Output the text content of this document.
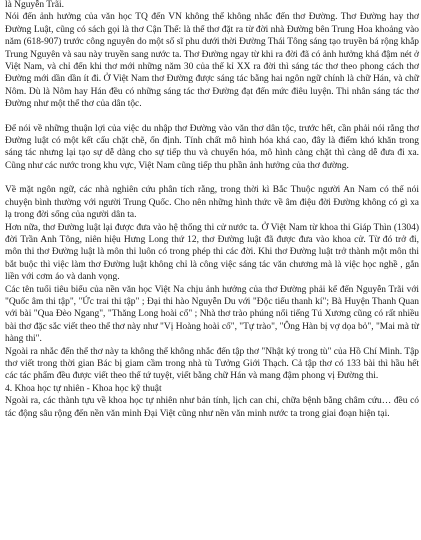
là Nguyễn Trãi.

Nói đến ảnh hưởng của văn học TQ đến VN không thể không nhắc đến thơ Đường. Thơ Đường hay thơ Đường Luật, cũng có sách gọi là thơ Cận Thể: là thể thơ đặt ra từ đời nhà Đường bên Trung Hoa khoảng vào năm (618-907) trước công nguyên do một số sĩ phu dưới thời Đường Thái Tông sáng tạo truyền bá rộng khắp Trung Nguyên và sau này truyền sang nước ta. Thơ Đường ngay từ khi ra đời đã có ảnh hưởng khá đậm nét ở Việt Nam, và chỉ đến khi thơ mới những năm 30 của thế kỉ XX ra đời thì sáng tác thơ theo phong cách thơ Đường mới dần dần ít đi. Ở Việt Nam thơ Đường được sáng tác bằng hai ngôn ngữ chính là chữ Hán, và chữ Nôm. Dù là Nôm hay Hán đều có những sáng tác thơ Đường đạt đến mức điêu luyện. Thi nhân sáng tác thơ Đường như một thể thơ của dân tộc.

Để nói về những thuận lợi của việc du nhập thơ Đường vào văn thơ dân tộc, trước hết, cần phải nói rằng thơ Đường luật có một kết cấu chặt chẽ, ổn định. Tính chất mô hình hóa khá cao, đây là điểm khó khăn trong sáng tác nhưng lại tạo sự dễ dàng cho sự tiếp thu và chuyển hóa, mô hình càng chặt thì càng dễ đưa đi xa. Cũng như các nước trong khu vực, Việt Nam cũng tiếp thu phần ảnh hưởng của thơ đường.

Về mặt ngôn ngữ, các nhà nghiên cứu phân tích rằng, trong thời kì Bắc Thuộc người An Nam có thể nói chuyện bình thường với người Trung Quốc. Cho nên những hình thức về âm điệu đời Đường không có gì xa lạ trong đời sống của người dân ta.

Hơn nữa, thơ Đường luật lại được đưa vào hệ thống thi cử nước ta. Ở Việt Nam từ khoa thi Giáp Thìn (1304) đời Trần Anh Tông, niên hiệu Hưng Long thứ 12, thơ Đường luật đã được đưa vào khoa cử. Từ đó trở đi, môn thi thơ Đường luật là môn thi luôn có trong phép thi các đời. Khi thơ Đường luật trở thành một môn thi bắt buộc thì việc làm thơ Đường luật không chỉ là công việc sáng tác văn chương mà là việc học nghề , gắn liền với cơm áo và danh vọng.

Các tên tuổi tiêu biểu của nền văn học Việt Na chịu ảnh hưởng của thơ Đường phải kể đến Nguyễn Trãi với "Quốc âm thi tập", "Ức trai thi tập" ; Đại thi hào Nguyễn Du với "Độc tiểu thanh kí"; Bà Huyện Thanh Quan với bài "Qua Đèo Ngang", "Thăng Long hoài cổ" ; Nhà thơ trào phúng nổi tiếng Tú Xương cũng có rất nhiều bài thơ đặc sắc viết theo thể thơ này như "Vị Hoàng hoài cổ", "Tự trào", "Ông Hàn bị vợ dọa bỏ", "Mai mà từ hàng thi".

Ngoài ra nhắc đến thể thơ này ta không thể không nhắc đến tập thơ "Nhật ký trong tù" của Hồ Chí Minh. Tập thơ viết trong thời gian Bác bị giam cầm trong nhà tù Tưởng Giới Thạch. Cả tập thơ có 133 bài thì hầu hết các tác phẩm đều được viết theo thể tứ tuyệt, viết bằng chữ Hán và mang đậm phong vị Đường thi.

4. Khoa học tự nhiên - Khoa học kỹ thuật

Ngoài ra, các thành tựu về khoa học tự nhiên như bản tính, lịch can chi, chữa bệnh bằng châm cứu… đều có tác động sâu rộng đến nền văn minh Đại Việt cũng như nền văn minh nước ta trong giai đoạn hiện tại.
